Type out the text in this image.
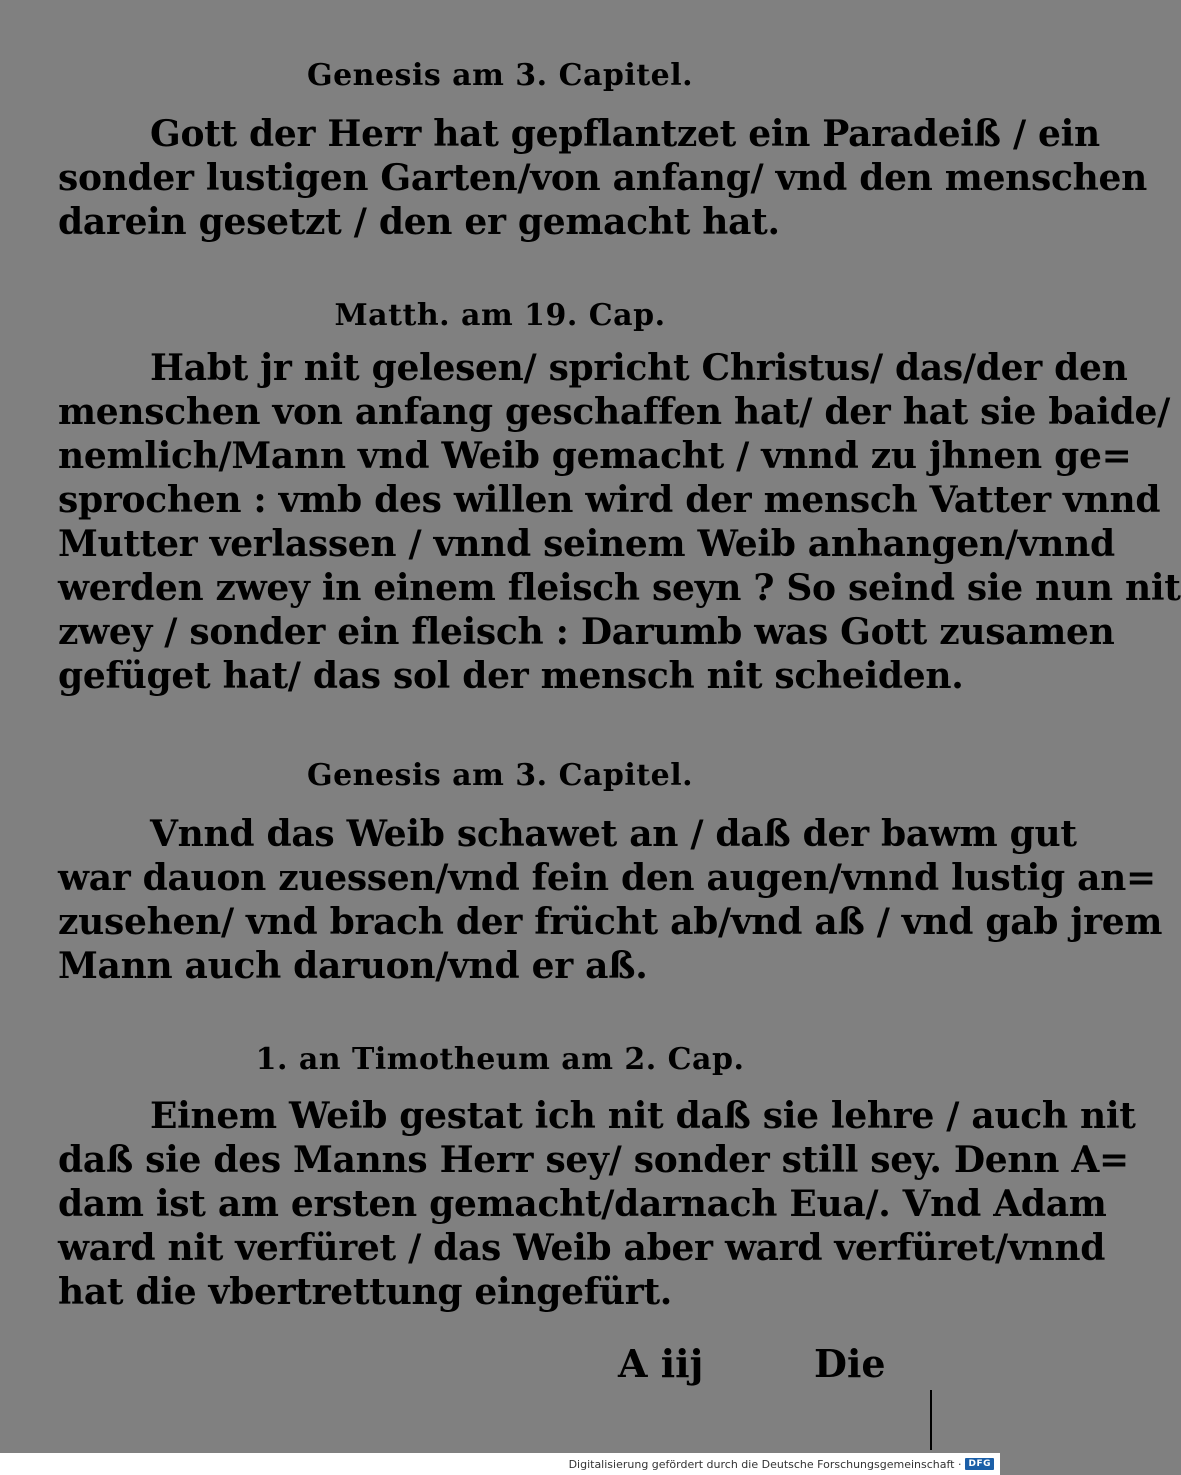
Genesis am 3. Capitel.
Gott der Herr hat gepflantzet ein Paradeiß / ein
sonder lustigen Garten/von anfang/ vnd den menschen
darein gesetzt / den er gemacht hat.
Matth. am 19. Cap.
Habt jr nit gelesen/ spricht Christus/ das/der den
menschen von anfang geschaffen hat/ der hat sie baide/
nemlich/Mann vnd Weib gemacht / vnnd zu jhnen ge=
sprochen : vmb des willen wird der mensch Vatter vnnd
Mutter verlassen / vnnd seinem Weib anhangen/vnnd
werden zwey in einem fleisch seyn ? So seind sie nun nit
zwey / sonder ein fleisch : Darumb was Gott zusamen
gefüget hat/ das sol der mensch nit scheiden.
Genesis am 3. Capitel.
Vnnd das Weib schawet an / daß der bawm gut
war dauon zuessen/vnd fein den augen/vnnd lustig an=
zusehen/ vnd brach der frücht ab/vnd aß / vnd gab jrem
Mann auch daruon/vnd er aß.
1. an Timotheum am 2. Cap.
Einem Weib gestat ich nit daß sie lehre / auch nit
daß sie des Manns Herr sey/ sonder still sey. Denn A=
dam ist am ersten gemacht/darnach Eua/. Vnd Adam
ward nit verfüret / das Weib aber ward verfüret/vnnd
hat die vbertrettung eingefürt.
A iij	Die
Digitalisierung gefördert durch die Deutsche Forschungsgemeinschaft · DFG
